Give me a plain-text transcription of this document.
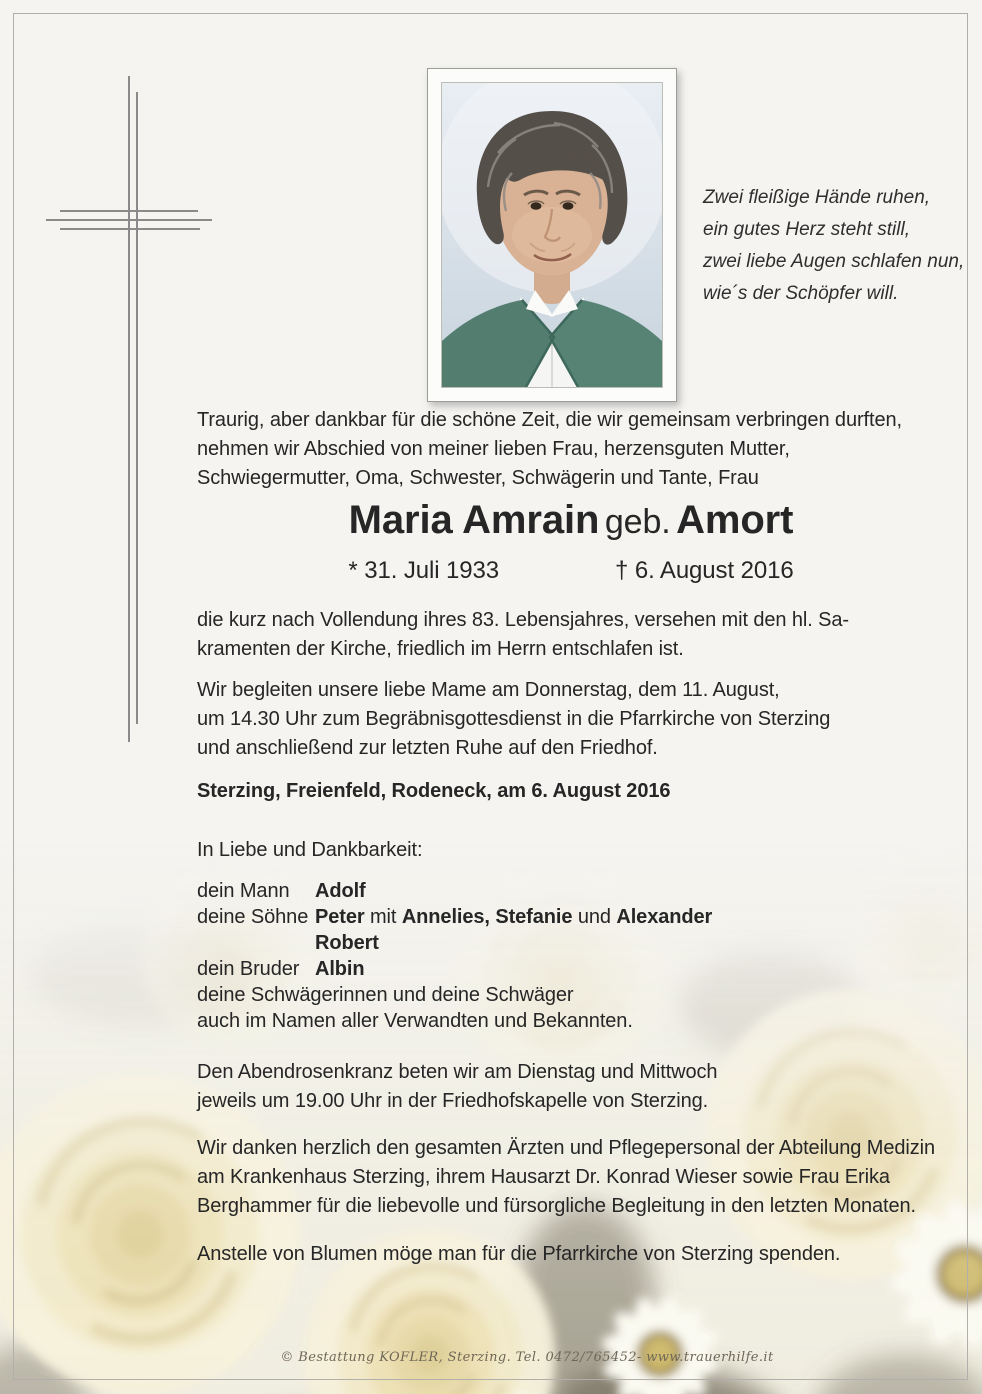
Zwei fleißige Hände ruhen,
ein gutes Herz steht still,
zwei liebe Augen schlafen nun,
wie´s der Schöpfer will.
Traurig, aber dankbar für die schöne Zeit, die wir gemeinsam verbringen durften,
nehmen wir Abschied von meiner lieben Frau, herzensguten Mutter,
Schwiegermutter, Oma, Schwester, Schwägerin und Tante, Frau
Maria Amrain geb. Amort
* 31. Juli 1933	† 6. August 2016
die kurz nach Vollendung ihres 83. Lebensjahres, versehen mit den hl. Sa-
kramenten der Kirche, friedlich im Herrn entschlafen ist.
Wir begleiten unsere liebe Mame am Donnerstag, dem 11. August,
um 14.30 Uhr zum Begräbnisgottesdienst in die Pfarrkirche von Sterzing
und anschließend zur letzten Ruhe auf den Friedhof.
Sterzing, Freienfeld, Rodeneck, am 6. August 2016
In Liebe und Dankbarkeit:
dein Mann	Adolf
deine Söhne Peter mit Annelies, Stefanie und Alexander
Robert
dein Bruder Albin
deine Schwägerinnen und deine Schwäger
auch im Namen aller Verwandten und Bekannten.
Den Abendrosenkranz beten wir am Dienstag und Mittwoch
jeweils um 19.00 Uhr in der Friedhofskapelle von Sterzing.
Wir danken herzlich den gesamten Ärzten und Pflegepersonal der Abteilung Medizin
am Krankenhaus Sterzing, ihrem Hausarzt Dr. Konrad Wieser sowie Frau Erika
Berghammer für die liebevolle und fürsorgliche Begleitung in den letzten Monaten.
Anstelle von Blumen möge man für die Pfarrkirche von Sterzing spenden.
© Bestattung KOFLER, Sterzing. Tel. 0472/765452- www.trauerhilfe.it
